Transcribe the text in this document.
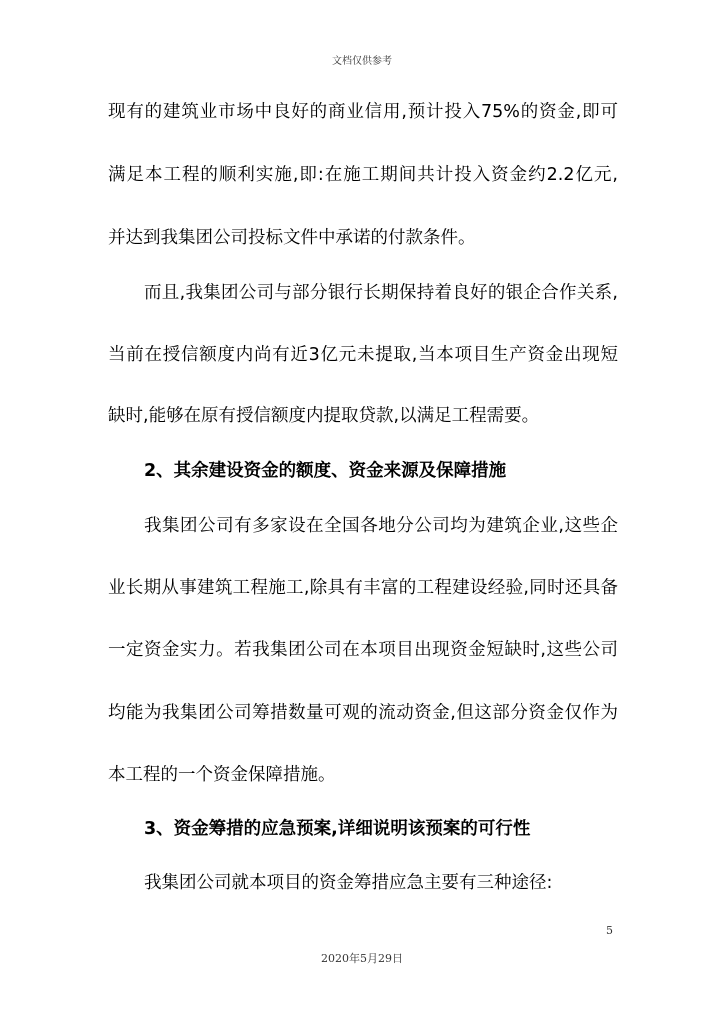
文档仅供参考
现有的建筑业市场中良好的商业信用,预计投入75%的资金,即可
满足本工程的顺利实施,即:在施工期间共计投入资金约2.2亿元,
并达到我集团公司投标文件中承诺的付款条件。
而且,我集团公司与部分银行长期保持着良好的银企合作关系,
当前在授信额度内尚有近3亿元未提取,当本项目生产资金出现短
缺时,能够在原有授信额度内提取贷款,以满足工程需要。
2、其余建设资金的额度、资金来源及保障措施
我集团公司有多家设在全国各地分公司均为建筑企业,这些企
业长期从事建筑工程施工,除具有丰富的工程建设经验,同时还具备
一定资金实力。若我集团公司在本项目出现资金短缺时,这些公司
均能为我集团公司筹措数量可观的流动资金,但这部分资金仅作为
本工程的一个资金保障措施。
3、资金筹措的应急预案,详细说明该预案的可行性
我集团公司就本项目的资金筹措应急主要有三种途径:
5
2020年5月29日
